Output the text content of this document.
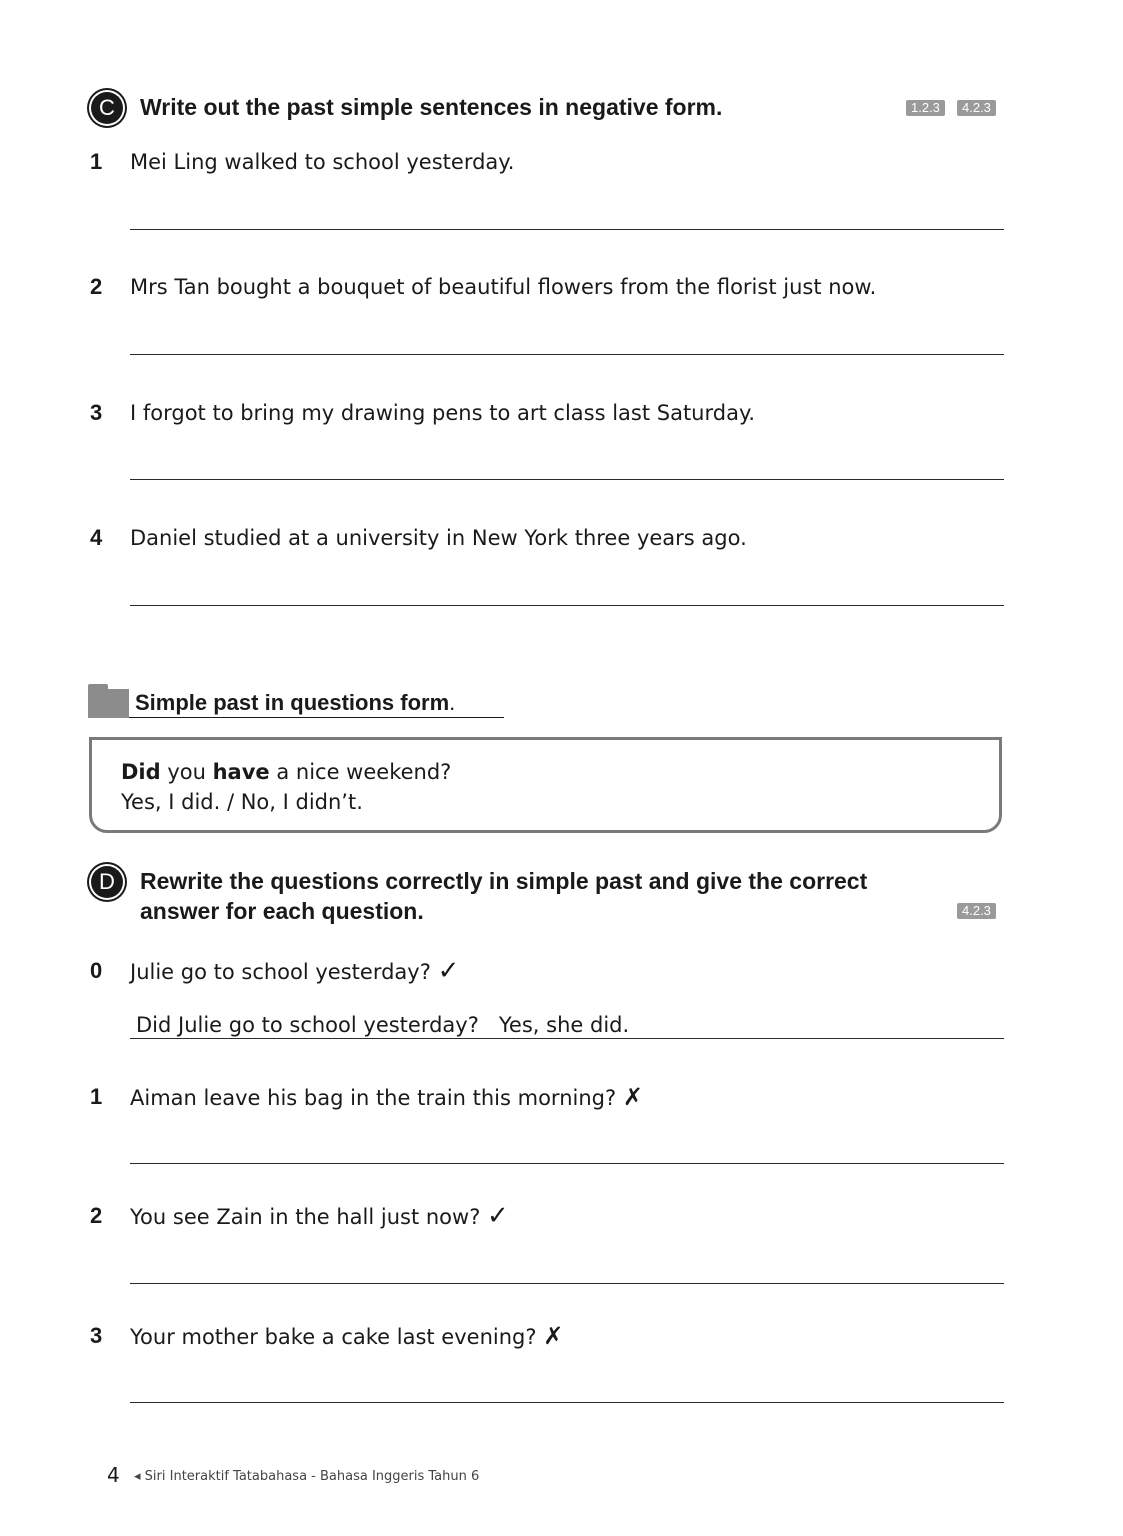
C	Write out the past simple sentences in negative form.	1.2.3	4.2.3
1	Mei Ling walked to school yesterday.
2	Mrs Tan bought a bouquet of beautiful flowers from the florist just now.
3	I forgot to bring my drawing pens to art class last Saturday.
4	Daniel studied at a university in New York three years ago.
Simple past in questions form.
Did you have a nice weekend?
Yes, I did. / No, I didn’t.
D	Rewrite the questions correctly in simple past and give the correct
answer for each question.	4.2.3
0	Julie go to school yesterday? ✓
Did Julie go to school yesterday?   Yes, she did.
1	Aiman leave his bag in the train this morning? ✗
2	You see Zain in the hall just now? ✓
3	Your mother bake a cake last evening? ✗
4 ◂ Siri Interaktif Tatabahasa - Bahasa Inggeris Tahun 6
